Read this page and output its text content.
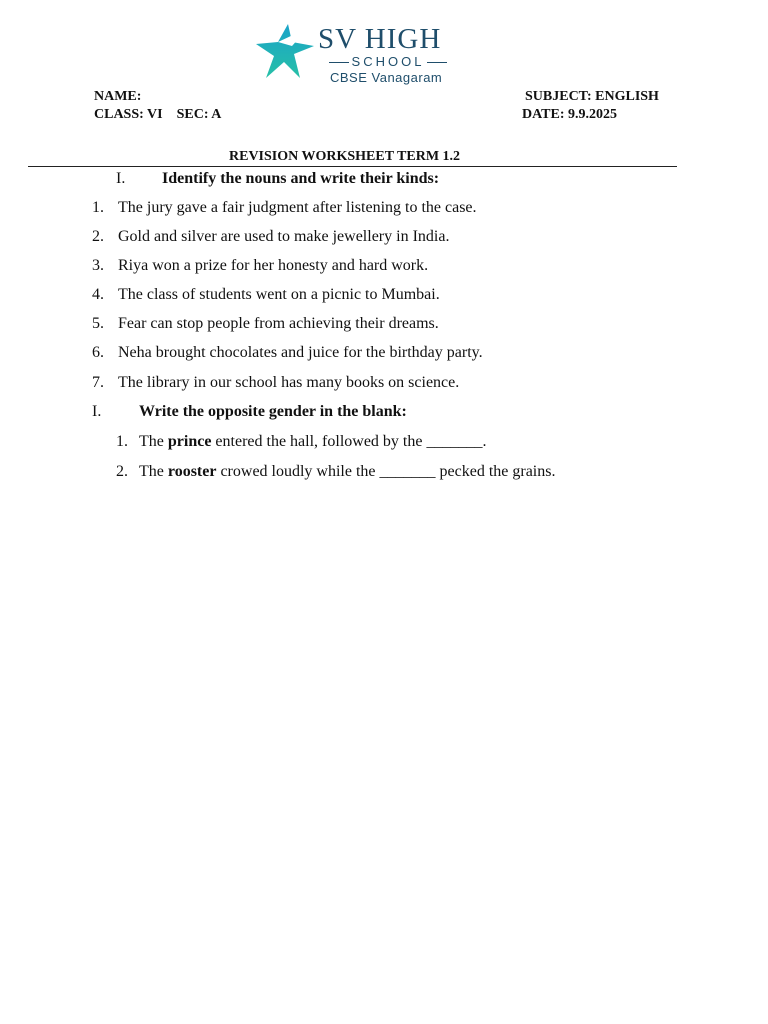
SV HIGH
SCHOOL
CBSE Vanagaram
NAME:	SUBJECT: ENGLISH
CLASS: VI SEC: A	DATE: 9.9.2025
REVISION WORKSHEET TERM 1.2
I. Identify the nouns and write their kinds:
1. The jury gave a fair judgment after listening to the case.
2. Gold and silver are used to make jewellery in India.
3. Riya won a prize for her honesty and hard work.
4. The class of students went on a picnic to Mumbai.
5. Fear can stop people from achieving their dreams.
6. Neha brought chocolates and juice for the birthday party.
7. The library in our school has many books on science.
I. Write the opposite gender in the blank:
1. The prince entered the hall, followed by the _______.
2. The rooster crowed loudly while the _______ pecked the grains.
